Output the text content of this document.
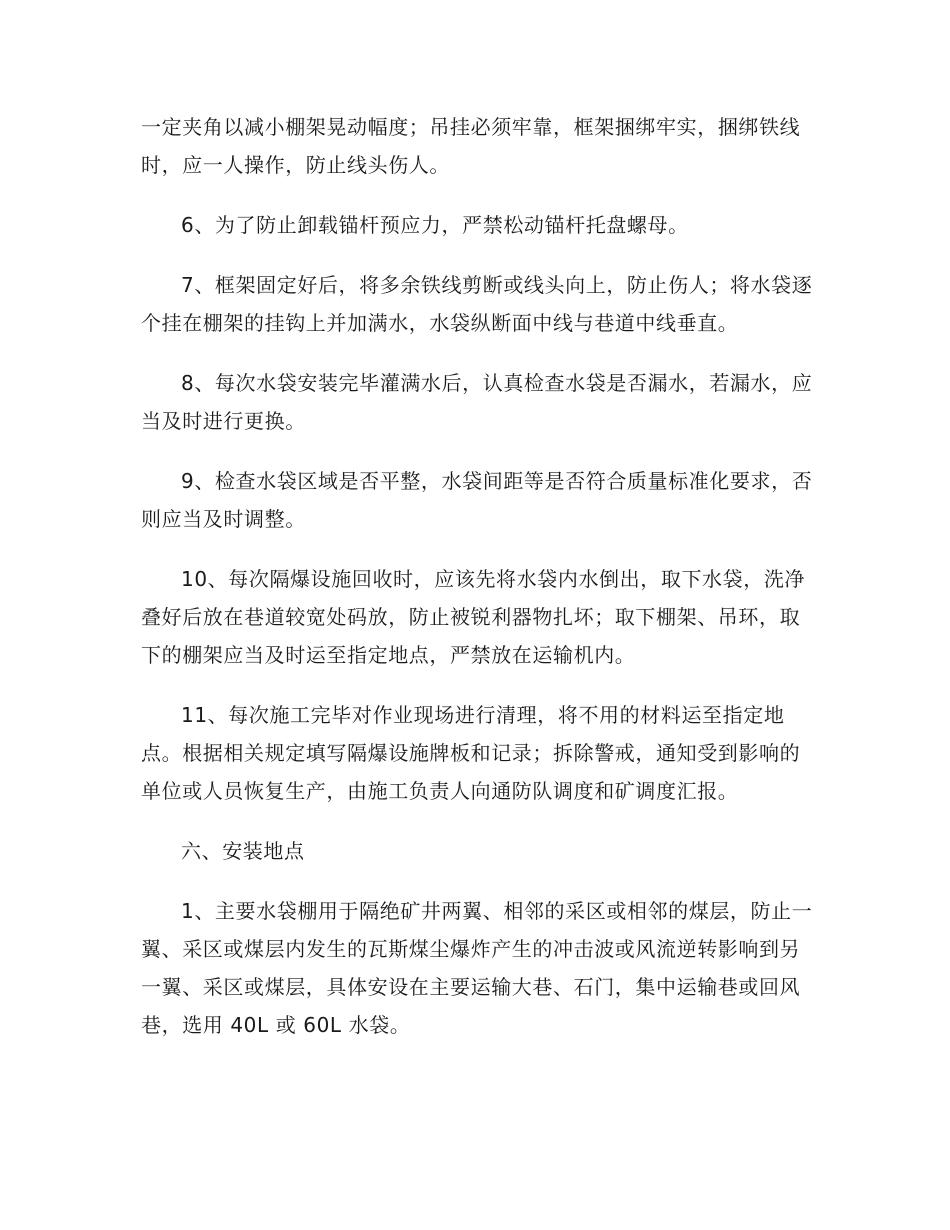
一定夹角以减小棚架晃动幅度；吊挂必须牢靠，框架捆绑牢实，捆绑铁线时，应一人操作，防止线头伤人。

6、为了防止卸载锚杆预应力，严禁松动锚杆托盘螺母。

7、框架固定好后，将多余铁线剪断或线头向上，防止伤人；将水袋逐个挂在棚架的挂钩上并加满水，水袋纵断面中线与巷道中线垂直。

8、每次水袋安装完毕灌满水后，认真检查水袋是否漏水，若漏水，应当及时进行更换。

9、检查水袋区域是否平整，水袋间距等是否符合质量标准化要求，否则应当及时调整。

10、每次隔爆设施回收时，应该先将水袋内水倒出，取下水袋，洗净叠好后放在巷道较宽处码放，防止被锐利器物扎坏；取下棚架、吊环，取下的棚架应当及时运至指定地点，严禁放在运输机内。

11、每次施工完毕对作业现场进行清理，将不用的材料运至指定地点。根据相关规定填写隔爆设施牌板和记录；拆除警戒，通知受到影响的单位或人员恢复生产，由施工负责人向通防队调度和矿调度汇报。

六、安装地点

1、主要水袋棚用于隔绝矿井两翼、相邻的采区或相邻的煤层，防止一翼、采区或煤层内发生的瓦斯煤尘爆炸产生的冲击波或风流逆转影响到另一翼、采区或煤层，具体安设在主要运输大巷、石门，集中运输巷或回风巷，选用 40L 或 60L 水袋。
